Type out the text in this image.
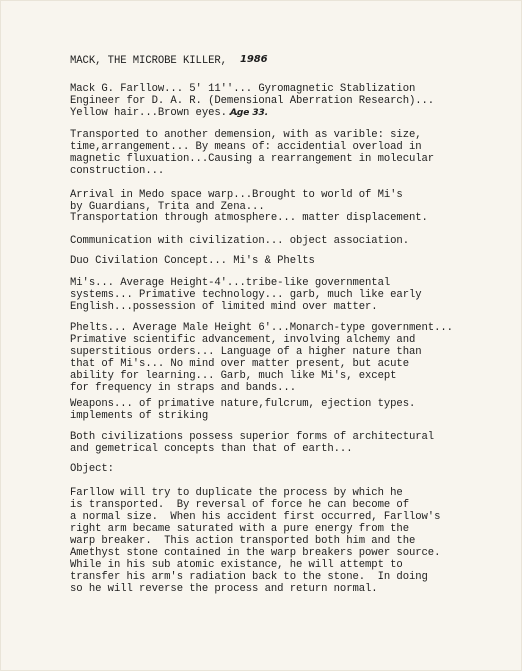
MACK, THE MICROBE KILLER, 1986
Mack G. Farllow... 5' 11''... Gyromagnetic Stablization
Engineer for D. A. R. (Demensional Aberration Research)...
Yellow hair...Brown eyes...
Age 33.
Transported to another demension, with as varible: size,
time,arrangement... By means of: accidential overload in
magnetic fluxuation...Causing a rearrangement in molecular
construction...
Arrival in Medo space warp...Brought to world of Mi's
by Guardians, Trita and Zena...
Transportation through atmosphere... matter displacement.
Communication with civilization... object association.
Duo Civilation Concept... Mi's & Phelts
Mi's... Average Height-4'...tribe-like governmental
systems... Primative technology... garb, much like early
English...possession of limited mind over matter.
Phelts... Average Male Height 6'...Monarch-type government...
Primative scientific advancement, involving alchemy and
superstitious orders... Language of a higher nature than
that of Mi's... No mind over matter present, but acute
ability for learning... Garb, much like Mi's, except
for frequency in straps and bands...
Weapons... of primative nature,fulcrum, ejection types.
implements of striking
Both civilizations possess superior forms of architectural
and gemetrical concepts than that of earth...
Object:
Farllow will try to duplicate the process by which he
is transported.  By reversal of force he can become of
a normal size.  When his accident first occurred, Farllow's
right arm became saturated with a pure energy from the
warp breaker.  This action transported both him and the
Amethyst stone contained in the warp breakers power source.
While in his sub atomic existance, he will attempt to
transfer his arm's radiation back to the stone.  In doing
so he will reverse the process and return normal.
